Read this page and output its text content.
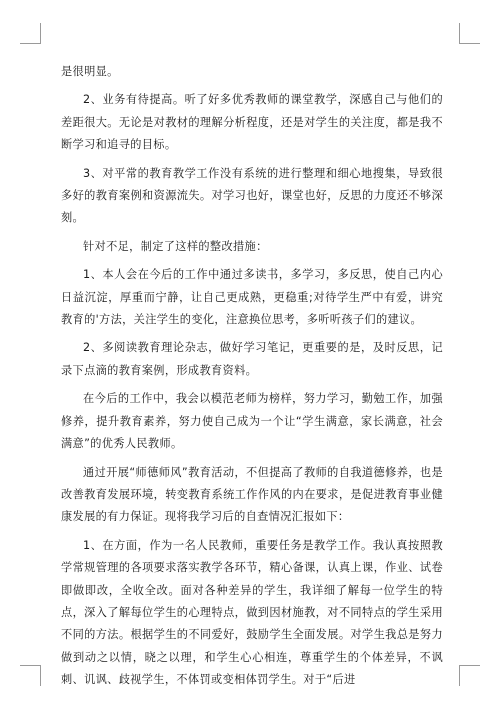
是很明显。

2、业务有待提高。听了好多优秀教师的课堂教学，深感自己与他们的差距很大。无论是对教材的理解分析程度，还是对学生的关注度，都是我不断学习和追寻的目标。

3、对平常的教育教学工作没有系统的进行整理和细心地搜集，导致很多好的教育案例和资源流失。对学习也好，课堂也好，反思的力度还不够深刻。

针对不足，制定了这样的整改措施：

1、本人会在今后的工作中通过多读书，多学习，多反思，使自己内心日益沉淀，厚重而宁静，让自己更成熟，更稳重;对待学生严中有爱，讲究教育的'方法，关注学生的变化，注意换位思考，多听听孩子们的建议。

2、多阅读教育理论杂志，做好学习笔记，更重要的是，及时反思，记录下点滴的教育案例，形成教育资料。

在今后的工作中，我会以模范老师为榜样，努力学习，勤勉工作，加强修养，提升教育素养，努力使自己成为一个让“学生满意，家长满意，社会满意”的优秀人民教师。

通过开展“师德师风”教育活动，不但提高了教师的自我道德修养，也是改善教育发展环境，转变教育系统工作作风的内在要求，是促进教育事业健康发展的有力保证。现将我学习后的自查情况汇报如下：

1、在方面，作为一名人民教师，重要任务是教学工作。我认真按照教学常规管理的各项要求落实教学各环节，精心备课，认真上课，作业、试卷即做即改，全收全改。面对各种差异的学生，我详细了解每一位学生的特点，深入了解每位学生的心理特点，做到因材施教，对不同特点的学生采用不同的方法。根据学生的不同爱好，鼓励学生全面发展。对学生我总是努力做到动之以情，晓之以理，和学生心心相连，尊重学生的个体差异，不讽刺、讥讽、歧视学生，不体罚或变相体罚学生。对于“后进
